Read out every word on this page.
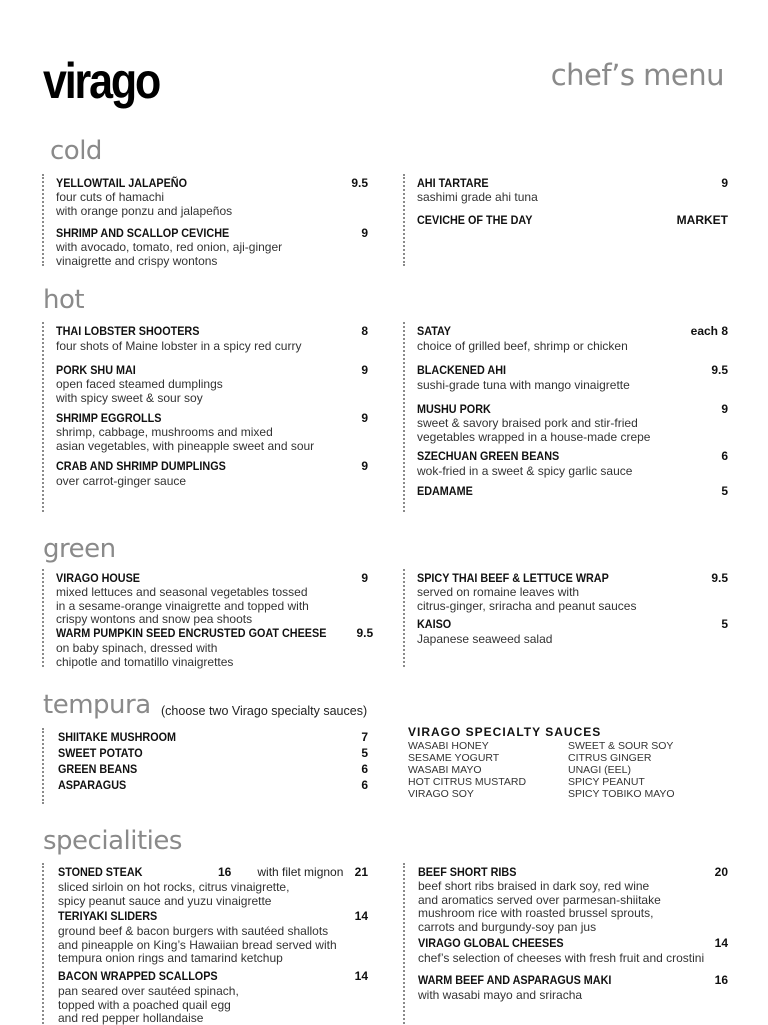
virago	chef’s menu
cold
YELLOWTAIL JALAPEÑO	9.5
four cuts of hamachi
with orange ponzu and jalapeños
SHRIMP AND SCALLOP CEVICHE	9
with avocado, tomato, red onion, aji-ginger
vinaigrette and crispy wontons
AHI TARTARE	9
sashimi grade ahi tuna
CEVICHE OF THE DAY	MARKET
hot
THAI LOBSTER SHOOTERS	8
four shots of Maine lobster in a spicy red curry
PORK SHU MAI	9
open faced steamed dumplings
with spicy sweet & sour soy
SHRIMP EGGROLLS	9
shrimp, cabbage, mushrooms and mixed
asian vegetables, with pineapple sweet and sour
CRAB AND SHRIMP DUMPLINGS	9
over carrot-ginger sauce
SATAY	each 8
choice of grilled beef, shrimp or chicken
BLACKENED AHI	9.5
sushi-grade tuna with mango vinaigrette
MUSHU PORK	9
sweet & savory braised pork and stir-fried
vegetables wrapped in a house-made crepe
SZECHUAN GREEN BEANS	6
wok-fried in a sweet & spicy garlic sauce
EDAMAME	5
green
VIRAGO HOUSE	9
mixed lettuces and seasonal vegetables tossed
in a sesame-orange vinaigrette and topped with
crispy wontons and snow pea shoots
WARM PUMPKIN SEED ENCRUSTED GOAT CHEESE	9.5
on baby spinach, dressed with
chipotle and tomatillo vinaigrettes
SPICY THAI BEEF & LETTUCE WRAP	9.5
served on romaine leaves with
citrus-ginger, sriracha and peanut sauces
KAISO	5
Japanese seaweed salad
tempura (choose two Virago specialty sauces)
SHIITAKE MUSHROOM	7
SWEET POTATO	5
GREEN BEANS	6
ASPARAGUS	6
VIRAGO SPECIALTY SAUCES
WASABI HONEY	SWEET & SOUR SOY
SESAME YOGURT	CITRUS GINGER
WASABI MAYO	UNAGI (EEL)
HOT CITRUS MUSTARD	SPICY PEANUT
VIRAGO SOY	SPICY TOBIKO MAYO
specialities
STONED STEAK	16 with filet mignon 21
sliced sirloin on hot rocks, citrus vinaigrette,
spicy peanut sauce and yuzu vinaigrette
TERIYAKI SLIDERS	14
ground beef & bacon burgers with sautéed shallots
and pineapple on King’s Hawaiian bread served with
tempura onion rings and tamarind ketchup
BACON WRAPPED SCALLOPS	14
pan seared over sautéed spinach,
topped with a poached quail egg
and red pepper hollandaise
BEEF SHORT RIBS	20
beef short ribs braised in dark soy, red wine
and aromatics served over parmesan-shiitake
mushroom rice with roasted brussel sprouts,
carrots and burgundy-soy pan jus
VIRAGO GLOBAL CHEESES	14
chef’s selection of cheeses with fresh fruit and crostini
WARM BEEF AND ASPARAGUS MAKI	16
with wasabi mayo and sriracha
